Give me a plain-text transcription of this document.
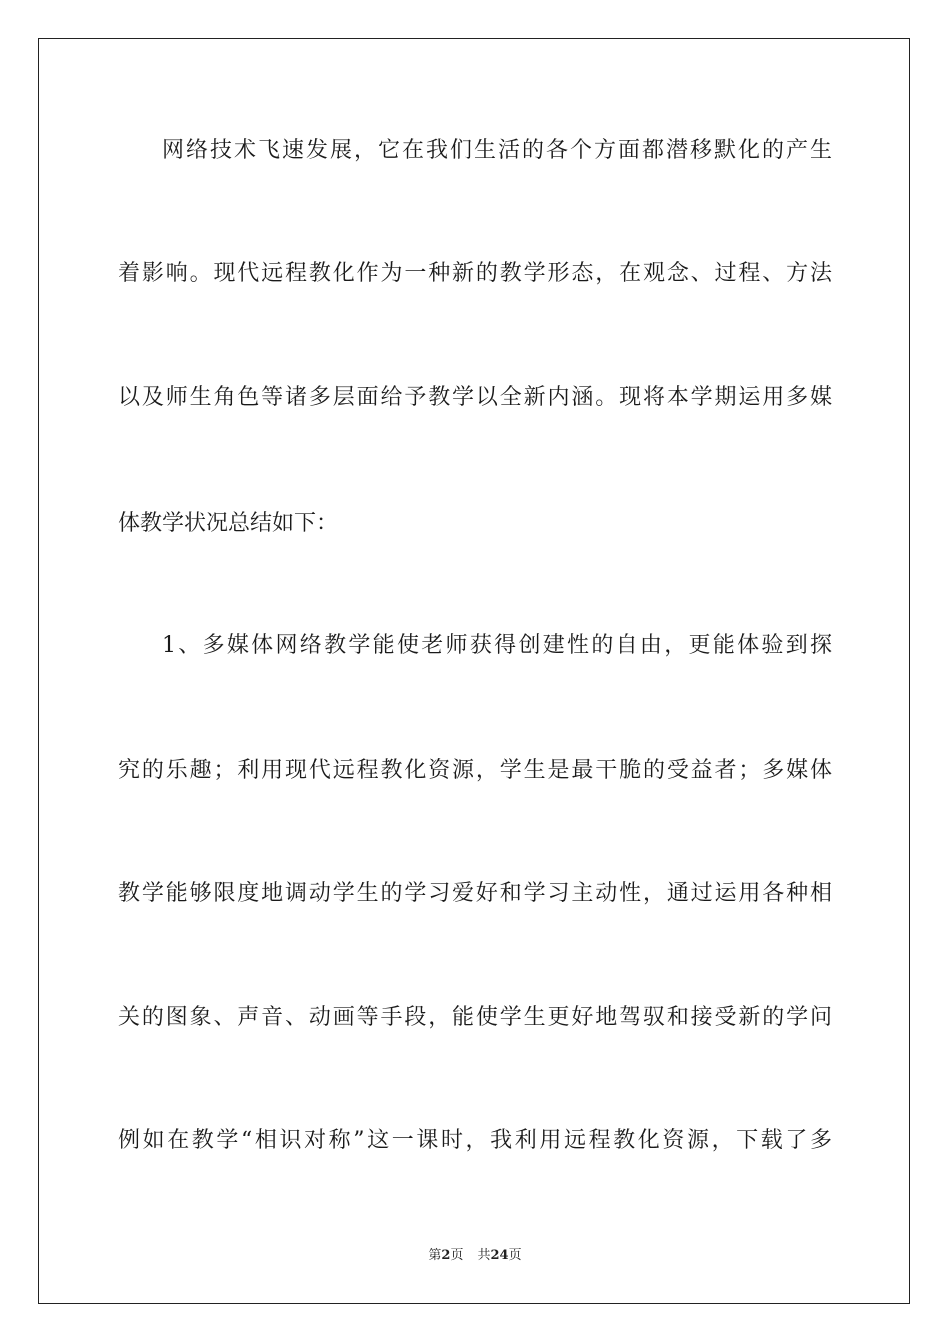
网络技术飞速发展，它在我们生活的各个方面都潜移默化的产生
着影响。现代远程教化作为一种新的教学形态，在观念、过程、方法
以及师生角色等诸多层面给予教学以全新内涵。现将本学期运用多媒
体教学状况总结如下：
1、多媒体网络教学能使老师获得创建性的自由，更能体验到探
究的乐趣；利用现代远程教化资源，学生是最干脆的受益者；多媒体
教学能够限度地调动学生的学习爱好和学习主动性，通过运用各种相
关的图象、声音、动画等手段，能使学生更好地驾驭和接受新的学问
例如在教学“相识对称”这一课时，我利用远程教化资源，下载了多
第2页 共24页
